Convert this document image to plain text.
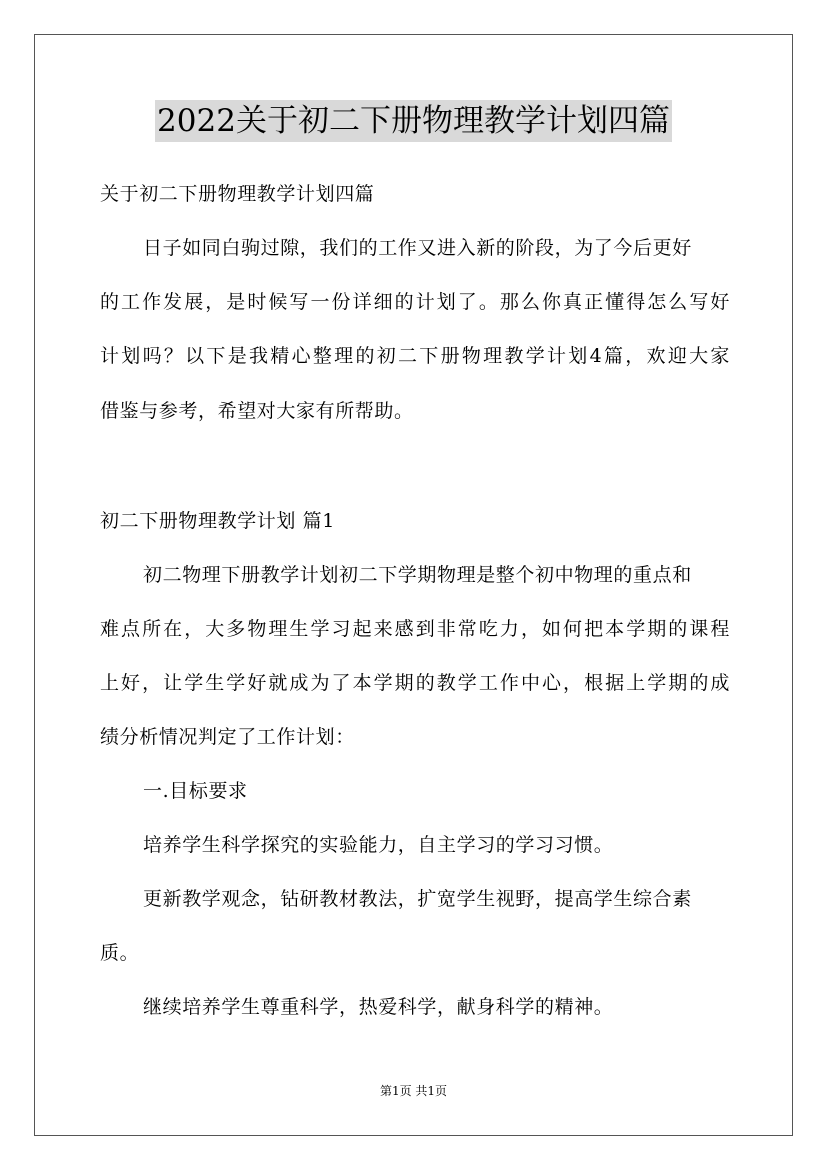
2022关于初二下册物理教学计划四篇
关于初二下册物理教学计划四篇
日子如同白驹过隙，我们的工作又进入新的阶段，为了今后更好
的工作发展，是时候写一份详细的计划了。那么你真正懂得怎么写好
计划吗？以下是我精心整理的初二下册物理教学计划4篇，欢迎大家
借鉴与参考，希望对大家有所帮助。
初二下册物理教学计划 篇1
初二物理下册教学计划初二下学期物理是整个初中物理的重点和
难点所在，大多物理生学习起来感到非常吃力，如何把本学期的课程
上好，让学生学好就成为了本学期的教学工作中心，根据上学期的成
绩分析情况判定了工作计划：
一.目标要求
培养学生科学探究的实验能力，自主学习的学习习惯。
更新教学观念，钻研教材教法，扩宽学生视野，提高学生综合素
质。
继续培养学生尊重科学，热爱科学，献身科学的精神。
第1页 共1页
